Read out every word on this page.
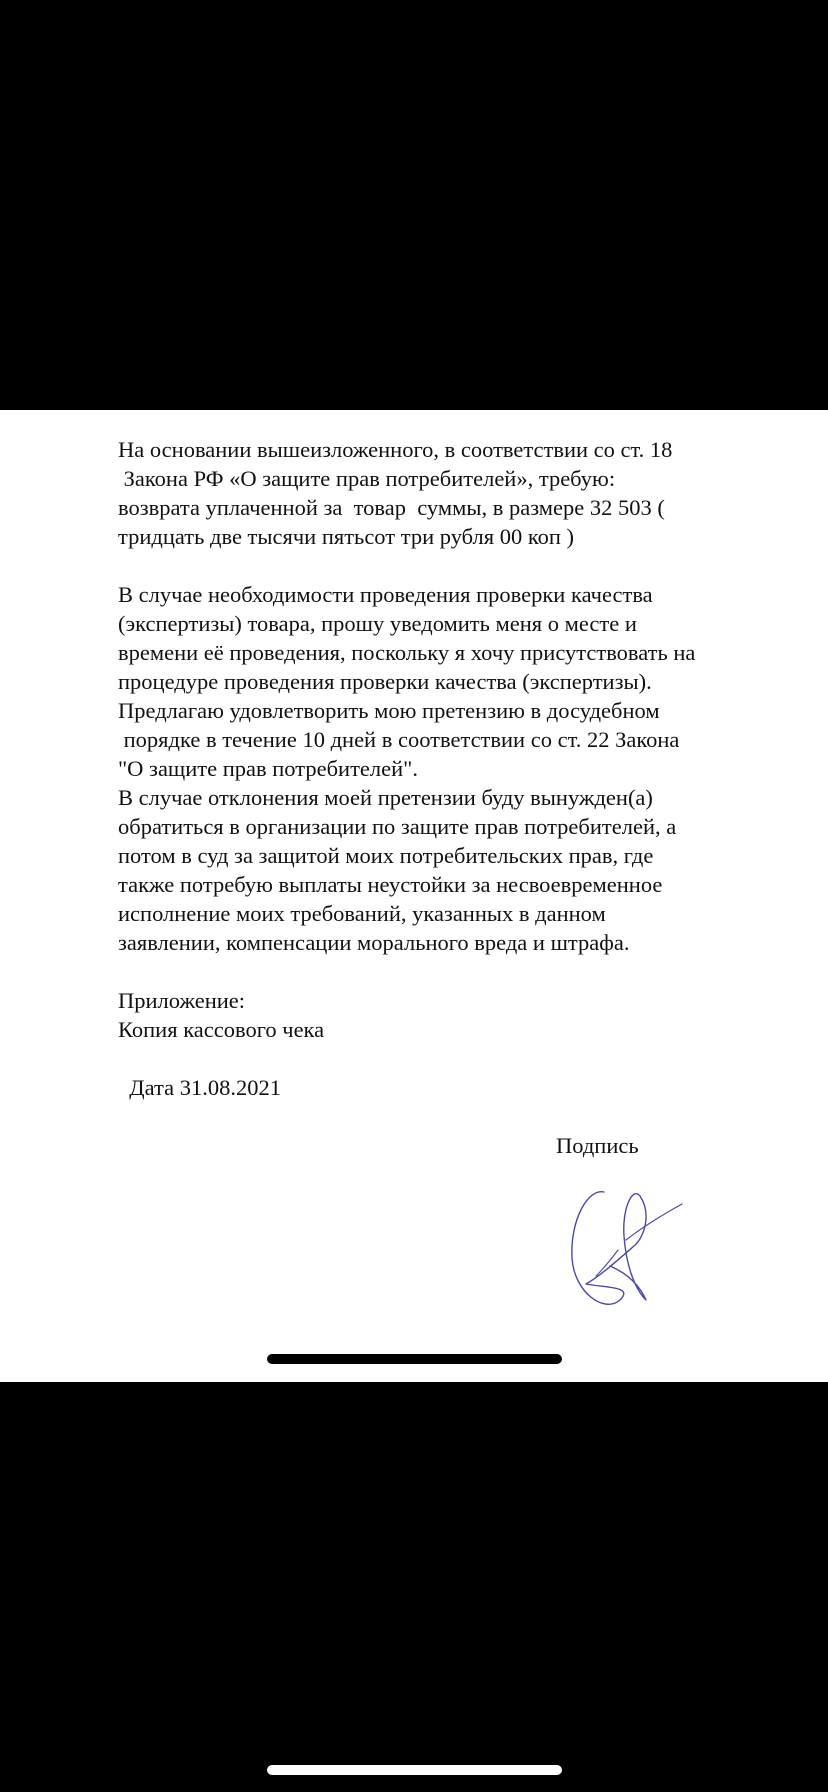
На основании вышеизложенного, в соответствии со ст. 18

Закона РФ «О защите прав потребителей», требую:

возврата уплаченной за  товар  суммы, в размере 32 503 (

тридцать две тысячи пятьсот три рубля 00 коп )

В случае необходимости проведения проверки качества

(экспертизы) товара, прошу уведомить меня о месте и

времени её проведения, поскольку я хочу присутствовать на

процедуре проведения проверки качества (экспертизы).

Предлагаю удовлетворить мою претензию в досудебном

порядке в течение 10 дней в соответствии со ст. 22 Закона

"О защите прав потребителей".

В случае отклонения моей претензии буду вынужден(а)

обратиться в организации по защите прав потребителей, а

потом в суд за защитой моих потребительских прав, где

также потребую выплаты неустойки за несвоевременное

исполнение моих требований, указанных в данном

заявлении, компенсации морального вреда и штрафа.

Приложение:

Копия кассового чека

Дата 31.08.2021

Подпись
